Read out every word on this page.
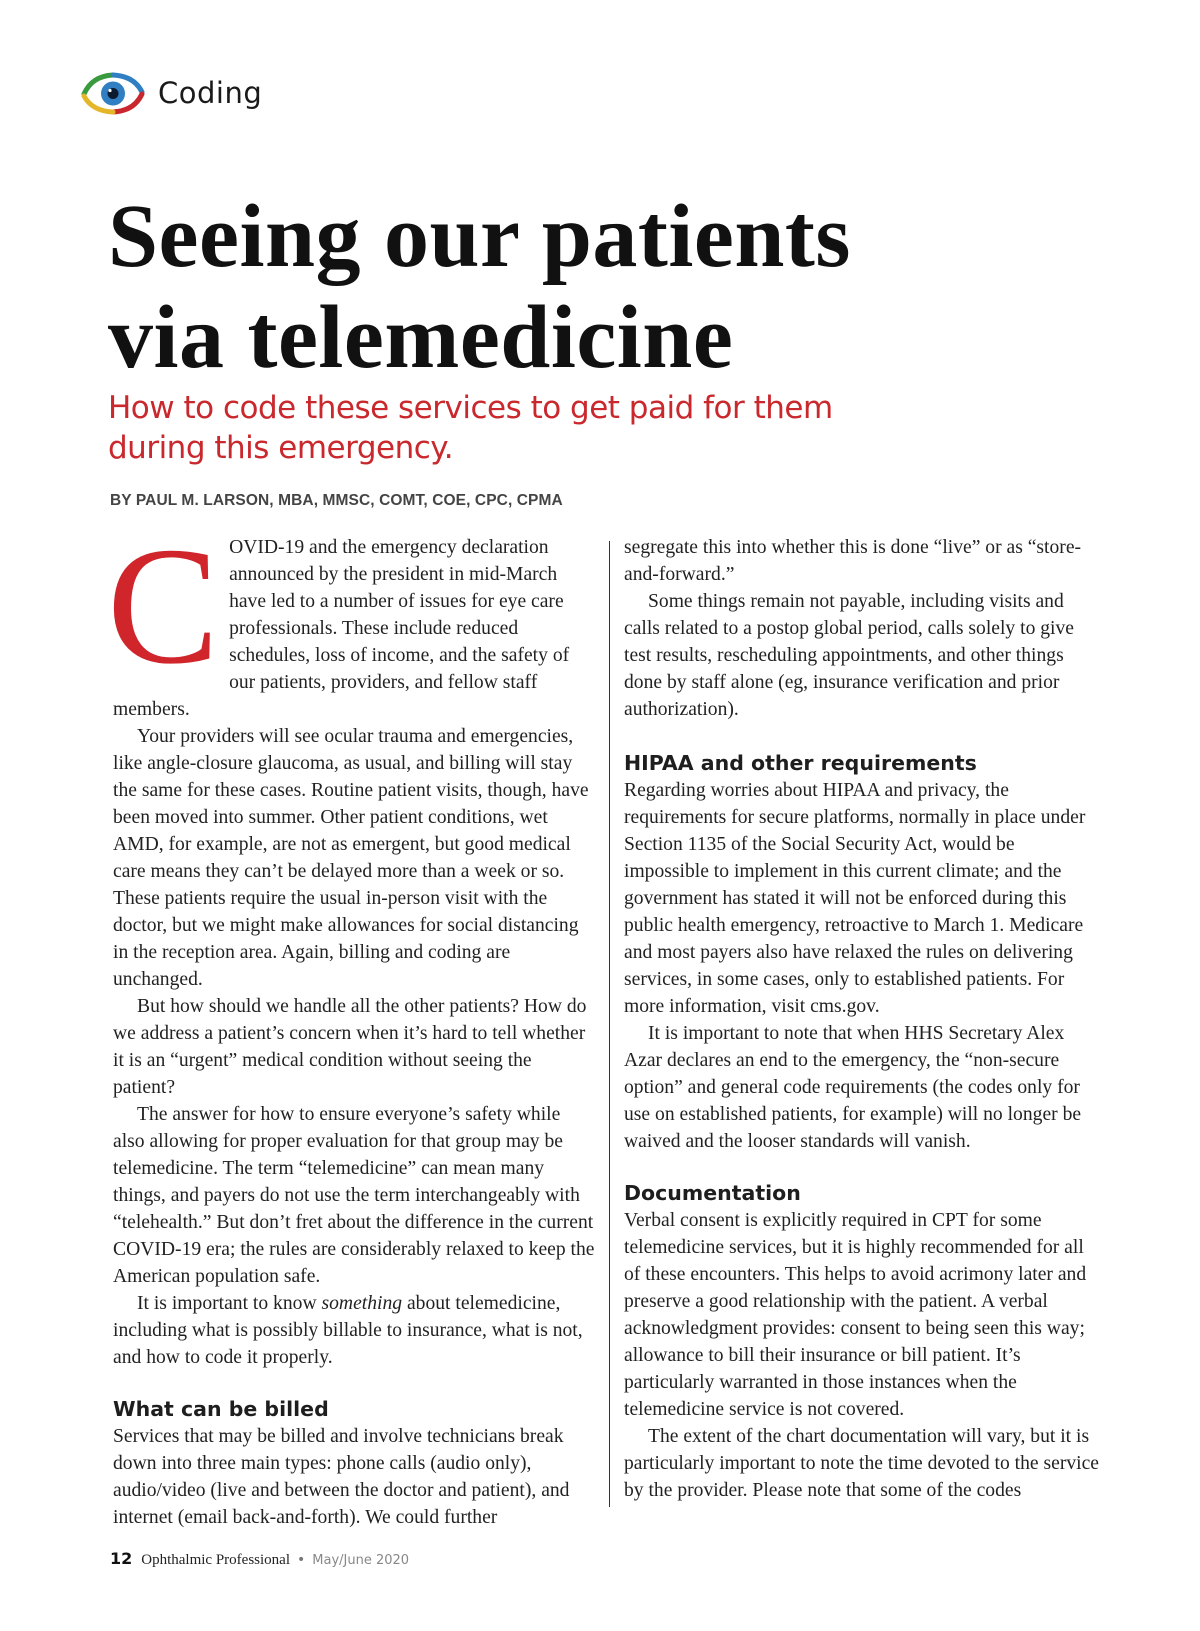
Coding
Seeing our patients
via telemedicine
How to code these services to get paid for them during this emergency.
BY PAUL M. LARSON, MBA, MMSC, COMT, COE, CPC, CPMA

COVID-19 and the emergency declaration announced by the president in mid-March have led to a number of issues for eye care professionals. These include reduced schedules, loss of income, and the safety of our patients, providers, and fellow staff members.

Your providers will see ocular trauma and emergencies, like angle-closure glaucoma, as usual, and billing will stay the same for these cases. Routine patient visits, though, have been moved into summer. Other patient conditions, wet AMD, for example, are not as emergent, but good medical care means they can’t be delayed more than a week or so. These patients require the usual in-person visit with the doctor, but we might make allowances for social distancing in the reception area. Again, billing and coding are unchanged.

But how should we handle all the other patients? How do we address a patient’s concern when it’s hard to tell whether it is an “urgent” medical condition without seeing the patient?

The answer for how to ensure everyone’s safety while also allowing for proper evaluation for that group may be telemedicine. The term “telemedicine” can mean many things, and payers do not use the term interchangeably with “telehealth.” But don’t fret about the difference in the current COVID-19 era; the rules are considerably relaxed to keep the American population safe.

It is important to know something about telemedicine, including what is possibly billable to insurance, what is not, and how to code it properly.

What can be billed

Services that may be billed and involve technicians break down into three main types: phone calls (audio only), audio/video (live and between the doctor and patient), and internet (email back-and-forth). We could further

segregate this into whether this is done “live” or as “store-and-forward.”

Some things remain not payable, including visits and calls related to a postop global period, calls solely to give test results, rescheduling appointments, and other things done by staff alone (eg, insurance verification and prior authorization).

HIPAA and other requirements

Regarding worries about HIPAA and privacy, the requirements for secure platforms, normally in place under Section 1135 of the Social Security Act, would be impossible to implement in this current climate; and the government has stated it will not be enforced during this public health emergency, retroactive to March 1. Medicare and most payers also have relaxed the rules on delivering services, in some cases, only to established patients. For more information, visit cms.gov.

It is important to note that when HHS Secretary Alex Azar declares an end to the emergency, the “non-secure option” and general code requirements (the codes only for use on established patients, for example) will no longer be waived and the looser standards will vanish.

Documentation

Verbal consent is explicitly required in CPT for some telemedicine services, but it is highly recommended for all of these encounters. This helps to avoid acrimony later and preserve a good relationship with the patient. A verbal acknowledgment provides: consent to being seen this way; allowance to bill their insurance or bill patient. It’s particularly warranted in those instances when the telemedicine service is not covered.

The extent of the chart documentation will vary, but it is particularly important to note the time devoted to the service by the provider. Please note that some of the codes

12 Ophthalmic Professional • May/June 2020
